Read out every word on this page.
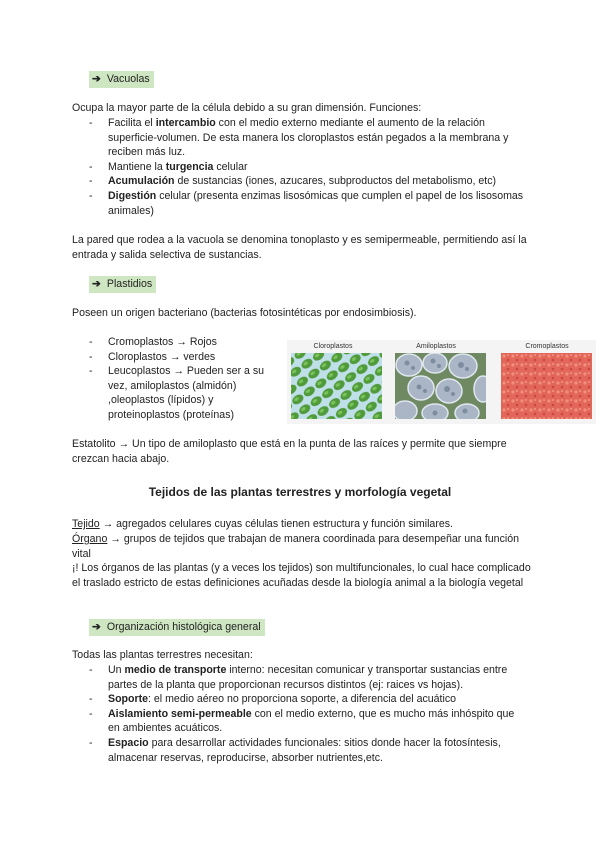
➔ Vacuolas
Ocupa la mayor parte de la célula debido a su gran dimensión. Funciones:
- Facilita el intercambio con el medio externo mediante el aumento de la relación superficie-volumen. De esta manera los cloroplastos están pegados a la membrana y reciben más luz.
- Mantiene la turgencia celular
- Acumulación de sustancias (iones, azucares, subproductos del metabolismo, etc)
- Digestión celular (presenta enzimas lisosómicas que cumplen el papel de los lisosomas animales)
La pared que rodea a la vacuola se denomina tonoplasto y es semipermeable, permitiendo así la entrada y salida selectiva de sustancias.
➔ Plastidios
Poseen un origen bacteriano (bacterias fotosintéticas por endosimbiosis).
- Cromoplastos → Rojos
- Cloroplastos → verdes
- Leucoplastos → Pueden ser a su vez, amiloplastos (almidón) ,oleoplastos (lípidos) y proteinoplastos (proteínas)
Cloroplastos	Amiloplastos	Cromoplastos
Estatolito → Un tipo de amiloplasto que está en la punta de las raíces y permite que siempre crezcan hacia abajo.
Tejidos de las plantas terrestres y morfología vegetal
Tejido → agregados celulares cuyas células tienen estructura y función similares.
Órgano → grupos de tejidos que trabajan de manera coordinada para desempeñar una función vital
¡! Los órganos de las plantas (y a veces los tejidos) son multifuncionales, lo cual hace complicado el traslado estricto de estas definiciones acuñadas desde la biología animal a la biología vegetal
➔ Organización histológica general
Todas las plantas terrestres necesitan:
- Un medio de transporte interno: necesitan comunicar y transportar sustancias entre partes de la planta que proporcionan recursos distintos (ej: raices vs hojas).
- Soporte: el medio aéreo no proporciona soporte, a diferencia del acuático
- Aislamiento semi-permeable con el medio externo, que es mucho más inhóspito que en ambientes acuáticos.
- Espacio para desarrollar actividades funcionales: sitios donde hacer la fotosíntesis, almacenar reservas, reproducirse, absorber nutrientes,etc.
